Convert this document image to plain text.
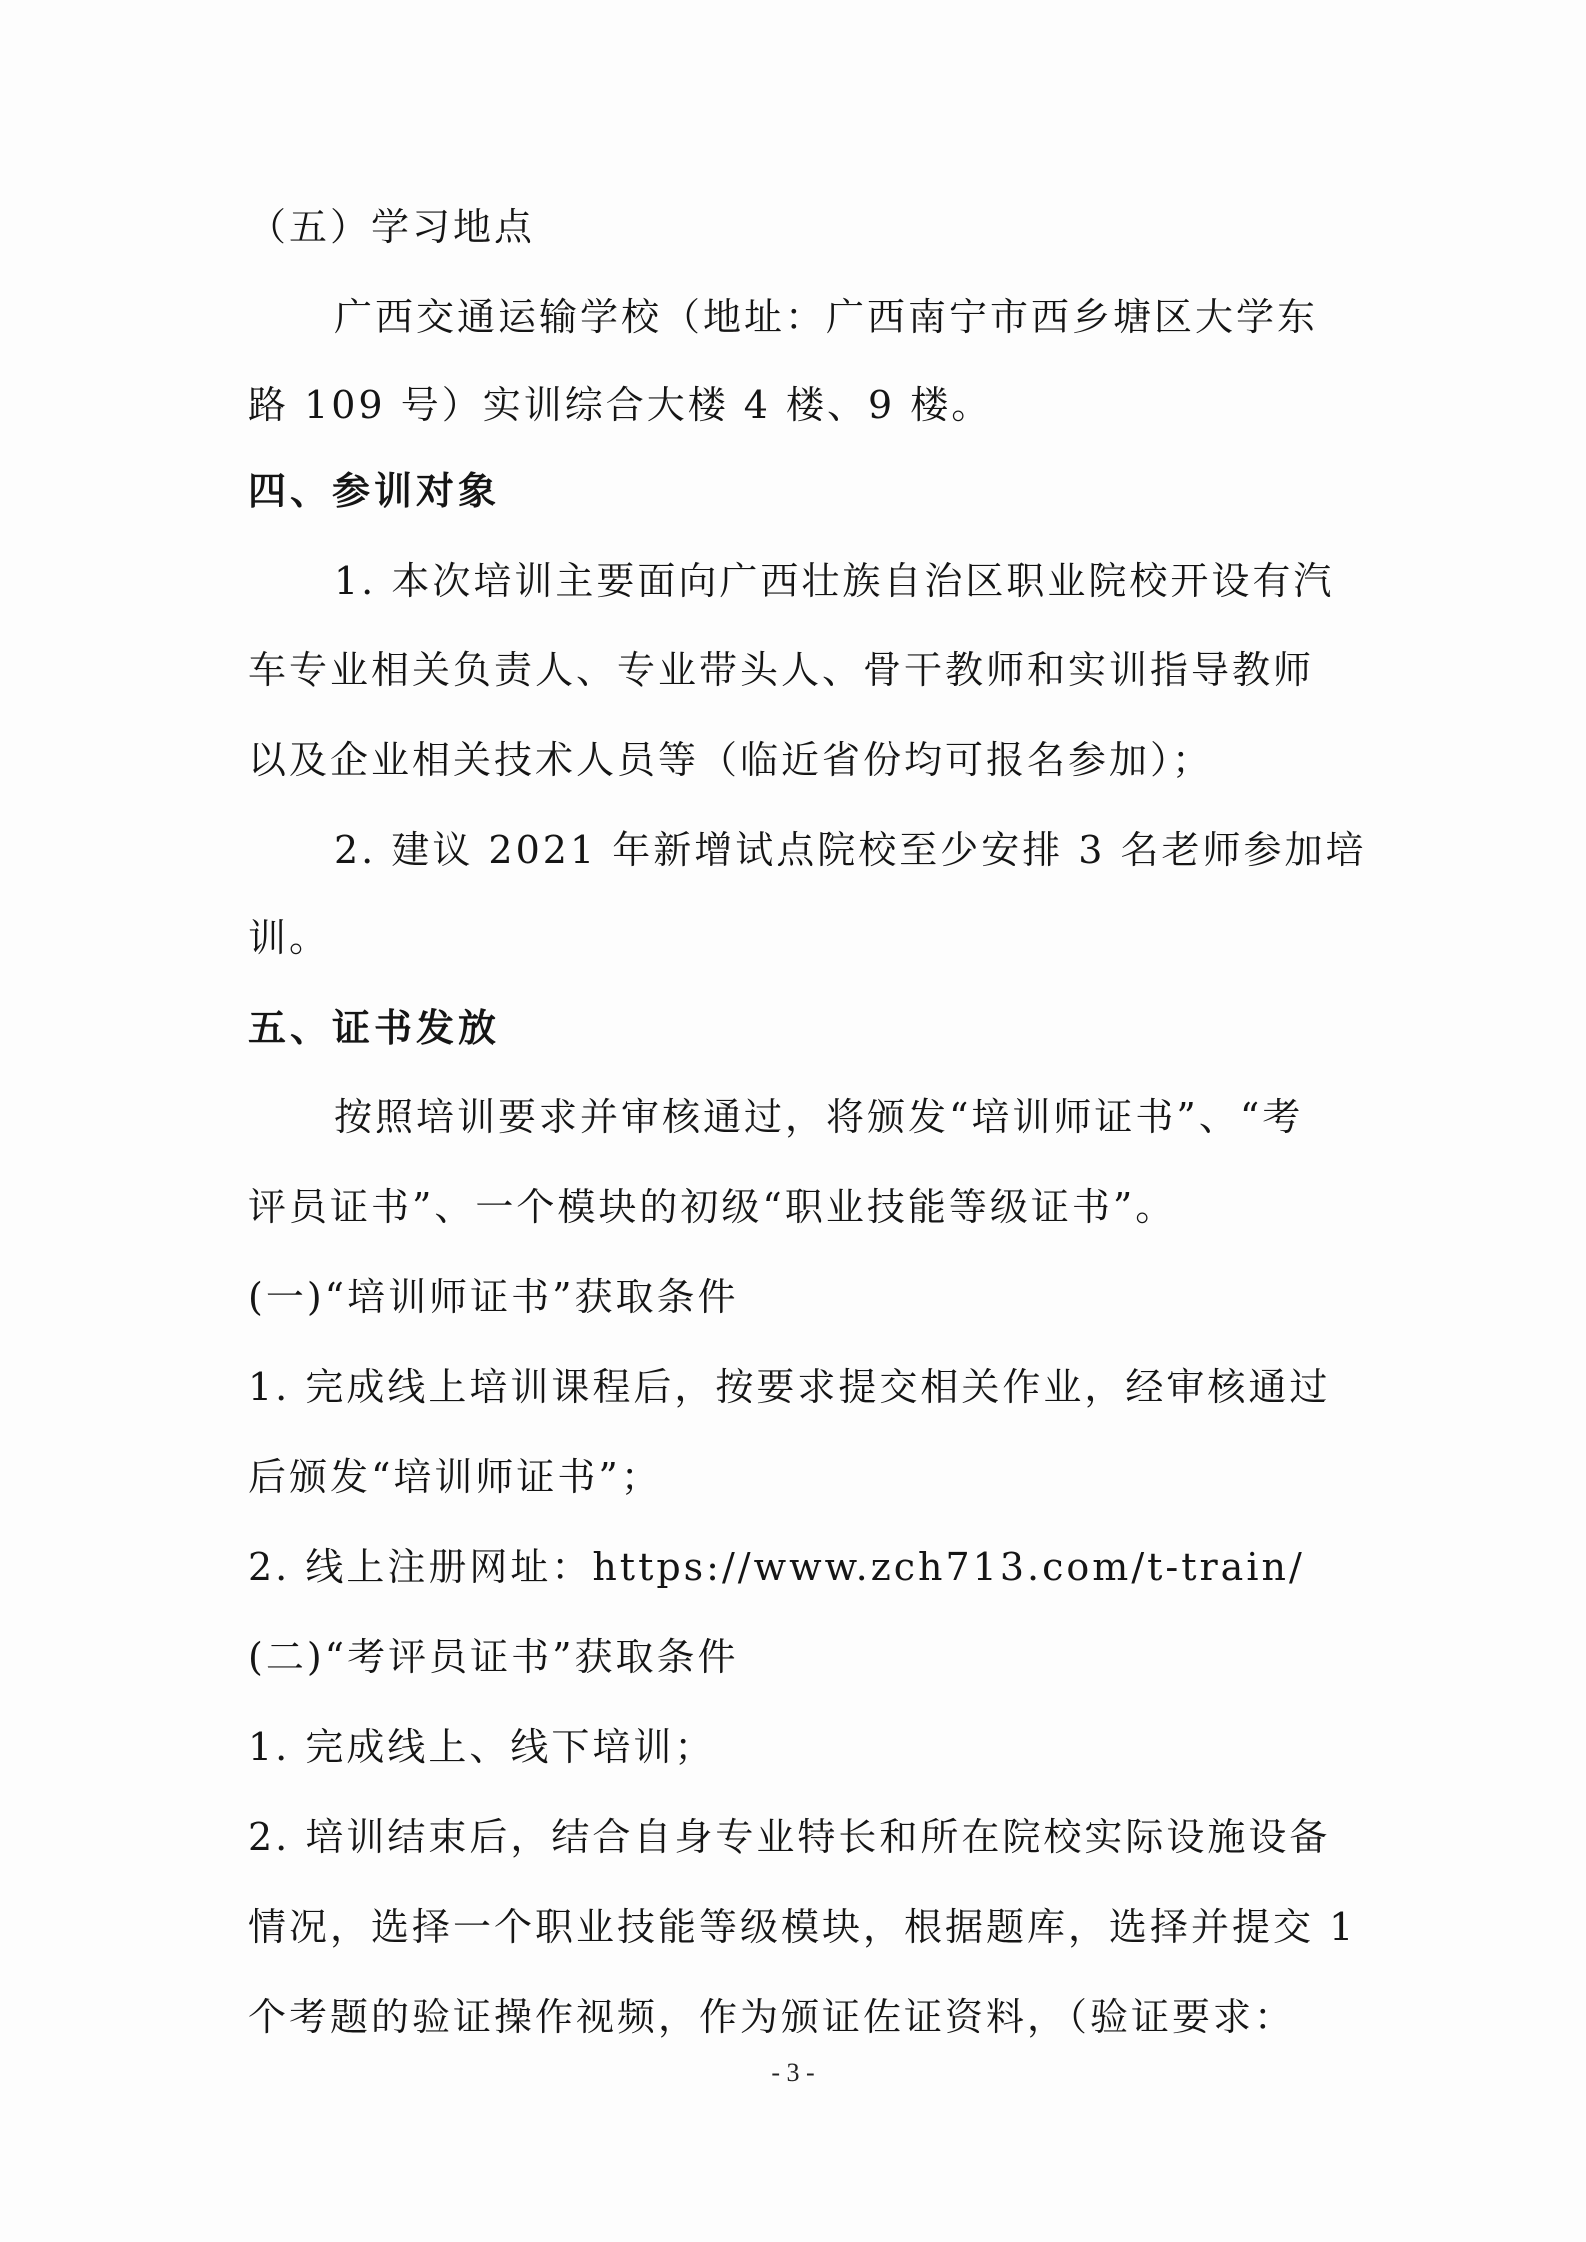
（五）学习地点
广西交通运输学校（地址：广西南宁市西乡塘区大学东
路 109 号）实训综合大楼 4 楼、9 楼。
四、参训对象
1. 本次培训主要面向广西壮族自治区职业院校开设有汽
车专业相关负责人、专业带头人、骨干教师和实训指导教师
以及企业相关技术人员等（临近省份均可报名参加）；
2. 建议 2021 年新增试点院校至少安排 3 名老师参加培
训。
五、证书发放
按照培训要求并审核通过，将颁发“培训师证书”、“考
评员证书”、一个模块的初级“职业技能等级证书”。
(一)“培训师证书”获取条件
1. 完成线上培训课程后，按要求提交相关作业，经审核通过
后颁发“培训师证书”；
2. 线上注册网址：https://www.zch713.com/t-train/
(二)“考评员证书”获取条件
1. 完成线上、线下培训；
2. 培训结束后，结合自身专业特长和所在院校实际设施设备
情况，选择一个职业技能等级模块，根据题库，选择并提交 1
个考题的验证操作视频，作为颁证佐证资料，（验证要求：
- 3 -
